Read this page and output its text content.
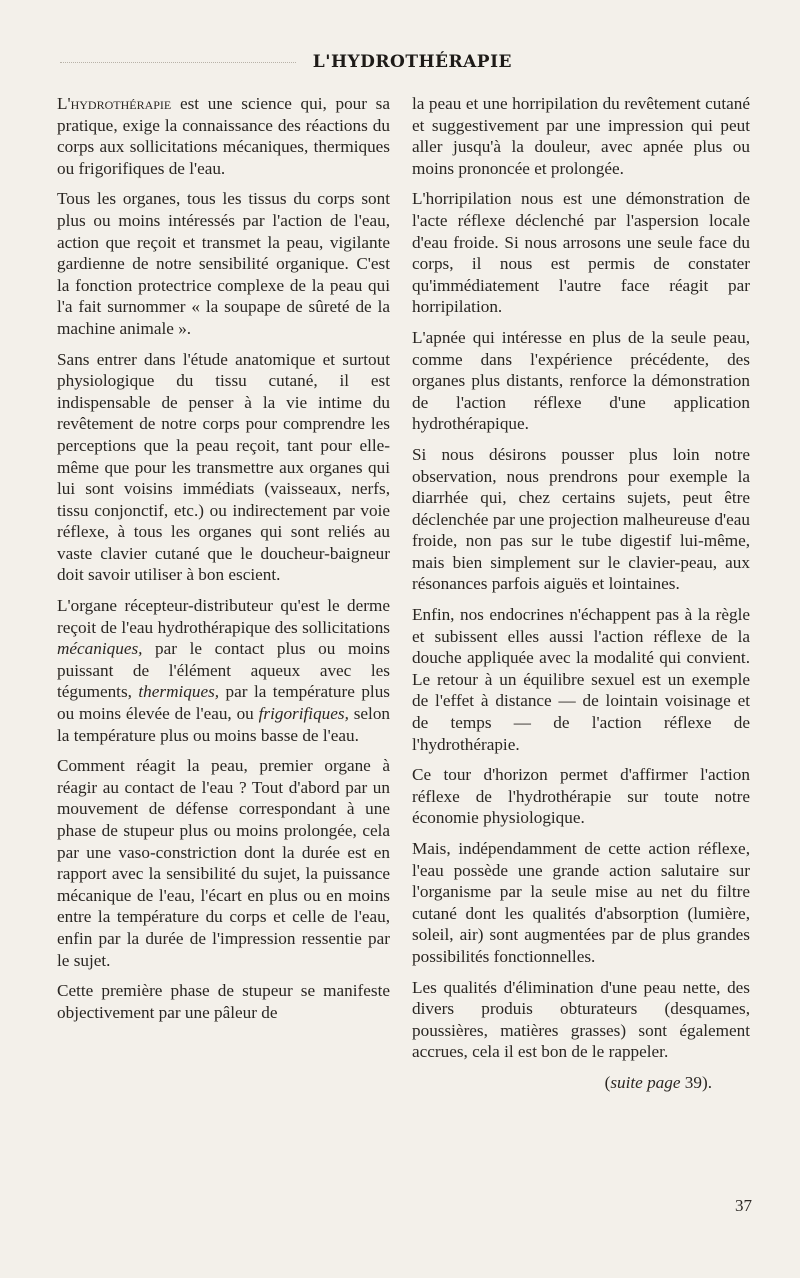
L'HYDROTHÉRAPIE

L'hydrothérapie est une science qui, pour sa pratique, exige la connaissance des réactions du corps aux sollicitations mécaniques, thermiques ou frigorifiques de l'eau.

Tous les organes, tous les tissus du corps sont plus ou moins intéressés par l'action de l'eau, action que reçoit et transmet la peau, vigilante gardienne de notre sensibilité organique. C'est la fonction protectrice complexe de la peau qui l'a fait surnommer « la soupape de sûreté de la machine animale ».

Sans entrer dans l'étude anatomique et surtout physiologique du tissu cutané, il est indispensable de penser à la vie intime du revêtement de notre corps pour comprendre les perceptions que la peau reçoit, tant pour elle-même que pour les transmettre aux organes qui lui sont voisins immédiats (vaisseaux, nerfs, tissu conjonctif, etc.) ou indirectement par voie réflexe, à tous les organes qui sont reliés au vaste clavier cutané que le doucheur-baigneur doit savoir utiliser à bon escient.

L'organe récepteur-distributeur qu'est le derme reçoit de l'eau hydrothérapique des sollicitations mécaniques, par le contact plus ou moins puissant de l'élément aqueux avec les téguments, thermiques, par la température plus ou moins élevée de l'eau, ou frigorifiques, selon la température plus ou moins basse de l'eau.

Comment réagit la peau, premier organe à réagir au contact de l'eau ? Tout d'abord par un mouvement de défense correspondant à une phase de stupeur plus ou moins prolongée, cela par une vaso-constriction dont la durée est en rapport avec la sensibilité du sujet, la puissance mécanique de l'eau, l'écart en plus ou en moins entre la température du corps et celle de l'eau, enfin par la durée de l'impression ressentie par le sujet.

Cette première phase de stupeur se manifeste objectivement par une pâleur de

la peau et une horripilation du revêtement cutané et suggestivement par une impression qui peut aller jusqu'à la douleur, avec apnée plus ou moins prononcée et prolongée.

L'horripilation nous est une démonstration de l'acte réflexe déclenché par l'aspersion locale d'eau froide. Si nous arrosons une seule face du corps, il nous est permis de constater qu'immédiatement l'autre face réagit par horripilation.

L'apnée qui intéresse en plus de la seule peau, comme dans l'expérience précédente, des organes plus distants, renforce la démonstration de l'action réflexe d'une application hydrothérapique.

Si nous désirons pousser plus loin notre observation, nous prendrons pour exemple la diarrhée qui, chez certains sujets, peut être déclenchée par une projection malheureuse d'eau froide, non pas sur le tube digestif lui-même, mais bien simplement sur le clavier-peau, aux résonances parfois aiguës et lointaines.

Enfin, nos endocrines n'échappent pas à la règle et subissent elles aussi l'action réflexe de la douche appliquée avec la modalité qui convient. Le retour à un équilibre sexuel est un exemple de l'effet à distance — de lointain voisinage et de temps — de l'action réflexe de l'hydrothérapie.

Ce tour d'horizon permet d'affirmer l'action réflexe de l'hydrothérapie sur toute notre économie physiologique.

Mais, indépendamment de cette action réflexe, l'eau possède une grande action salutaire sur l'organisme par la seule mise au net du filtre cutané dont les qualités d'absorption (lumière, soleil, air) sont augmentées par de plus grandes possibilités fonctionnelles.

Les qualités d'élimination d'une peau nette, des divers produis obturateurs (desquames, poussières, matières grasses) sont également accrues, cela il est bon de le rappeler.

(suite page 39).

37
